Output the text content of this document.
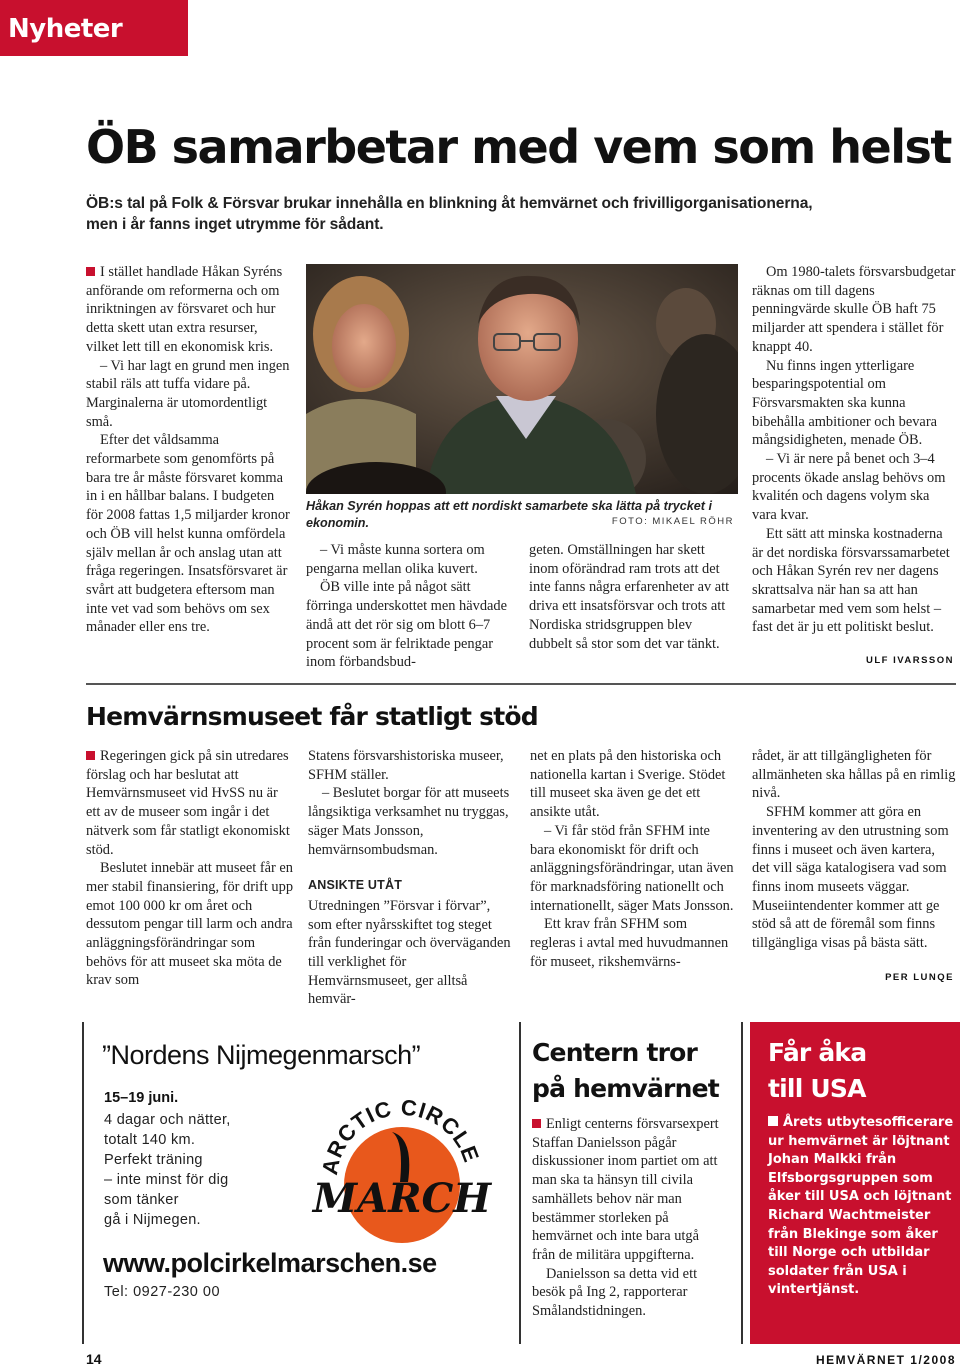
Nyheter
ÖB samarbetar med vem som helst
ÖB:s tal på Folk & Försvar brukar innehålla en blinkning åt hemvärnet och frivilligorganisationerna,
men i år fanns inget utrymme för sådant.

I stället handlade Håkan Syréns anförande om reformerna och om inriktningen av försvaret och hur detta skett utan extra resurser, vilket lett till en ekonomisk kris.

– Vi har lagt en grund men ingen stabil räls att tuffa vidare på. Marginalerna är utomordentligt små.

Efter det våldsamma reformarbete som genomförts på bara tre år måste försvaret komma in i en hållbar balans. I budgeten för 2008 fattas 1,5 miljarder kronor och ÖB vill helst kunna omfördela själv mellan år och anslag utan att fråga regeringen. Insatsförsvaret är svårt att budgetera eftersom man inte vet vad som behövs om sex månader eller ens tre.

Håkan Syrén hoppas att ett nordiskt samarbete ska lätta på trycket i ekonomin.	FOTO: MIKAEL RÖHR

– Vi måste kunna sortera om pengarna mellan olika kuvert.

ÖB ville inte på något sätt förringa underskottet men hävdade ändå att det rör sig om blott 6–7 procent som är felriktade pengar inom förbandsbud-

geten. Omställningen har skett inom oförändrad ram trots att det inte fanns några erfarenheter av att driva ett insatsförsvar och trots att Nordiska stridsgruppen blev dubbelt så stor som det var tänkt.

Om 1980-talets försvarsbudgetar räknas om till dagens penningvärde skulle ÖB haft 75 miljarder att spendera i stället för knappt 40.

Nu finns ingen ytterligare besparingspotential om Försvarsmakten ska kunna bibehålla ambitioner och bevara mångsidigheten, menade ÖB.

– Vi är nere på benet och 3–4 procents ökade anslag behövs om kvalitén och dagens volym ska vara kvar.

Ett sätt att minska kostnaderna är det nordiska försvarssamarbetet och Håkan Syrén rev ner dagens skrattsalva när han sa att han samarbetar med vem som helst – fast det är ju ett politiskt beslut.

ULF IVARSSON
Hemvärnsmuseet får statligt stöd

Regeringen gick på sin utredares förslag och har beslutat att Hemvärnsmuseet vid HvSS nu är ett av de museer som ingår i det nätverk som får statligt ekonomiskt stöd.

Beslutet innebär att museet får en mer stabil finansiering, för drift upp emot 100 000 kr om året och dessutom pengar till larm och andra anläggningsförändringar som behövs för att museet ska möta de krav som

Statens försvarshistoriska museer, SFHM ställer.

– Beslutet borgar för att museets långsiktiga verksamhet nu tryggas, säger Mats Jonsson, hemvärnsombudsman.

ANSIKTE UTÅT

Utredningen ”Försvar i förvar”, som efter nyårsskiftet tog steget från funderingar och överväganden till verklighet för Hemvärnsmuseet, ger alltså hemvär-

net en plats på den historiska och nationella kartan i Sverige. Stödet till museet ska även ge det ett ansikte utåt.

– Vi får stöd från SFHM inte bara ekonomiskt för drift och anläggningsförändringar, utan även för marknadsföring nationellt och internationellt, säger Mats Jonsson.

Ett krav från SFHM som regleras i avtal med huvudmannen för museet, rikshemvärns-

rådet, är att tillgängligheten för allmänheten ska hållas på en rimlig nivå.

SFHM kommer att göra en inventering av den utrustning som finns i museet och även kartera, det vill säga katalogisera vad som finns inom museets väggar. Museiintendenter kommer att ge stöd så att de föremål som finns tillgängliga visas på bästa sätt.

PER LUNQE
”Nordens Nijmegenmarsch”
ARCTIC CIRCLE
MARCH
15–19 juni.
4 dagar och nätter,
totalt 140 km.
Perfekt träning
– inte minst för dig
som tänker
gå i Nijmegen.
www.polcirkelmarschen.se
Tel: 0927-230 00
Centern tror
på hemvärnet

Enligt centerns försvarsexpert Staffan Danielsson pågår diskussioner inom partiet om att man ska ta hänsyn till civila samhällets behov när man bestämmer storleken på hemvärnet och inte bara utgå från de militära uppgifterna.

Danielsson sa detta vid ett besök på Ing 2, rapporterar Smålandstidningen.

Får åka
till USA
Årets utbytesofficerare ur hemvärnet är löjtnant Johan Malkki från Elfsborgsgruppen som åker till USA och löjtnant Richard Wachtmeister från Blekinge som åker till Norge och utbildar soldater från USA i vintertjänst.
14	HEMVÄRNET 1/2008
